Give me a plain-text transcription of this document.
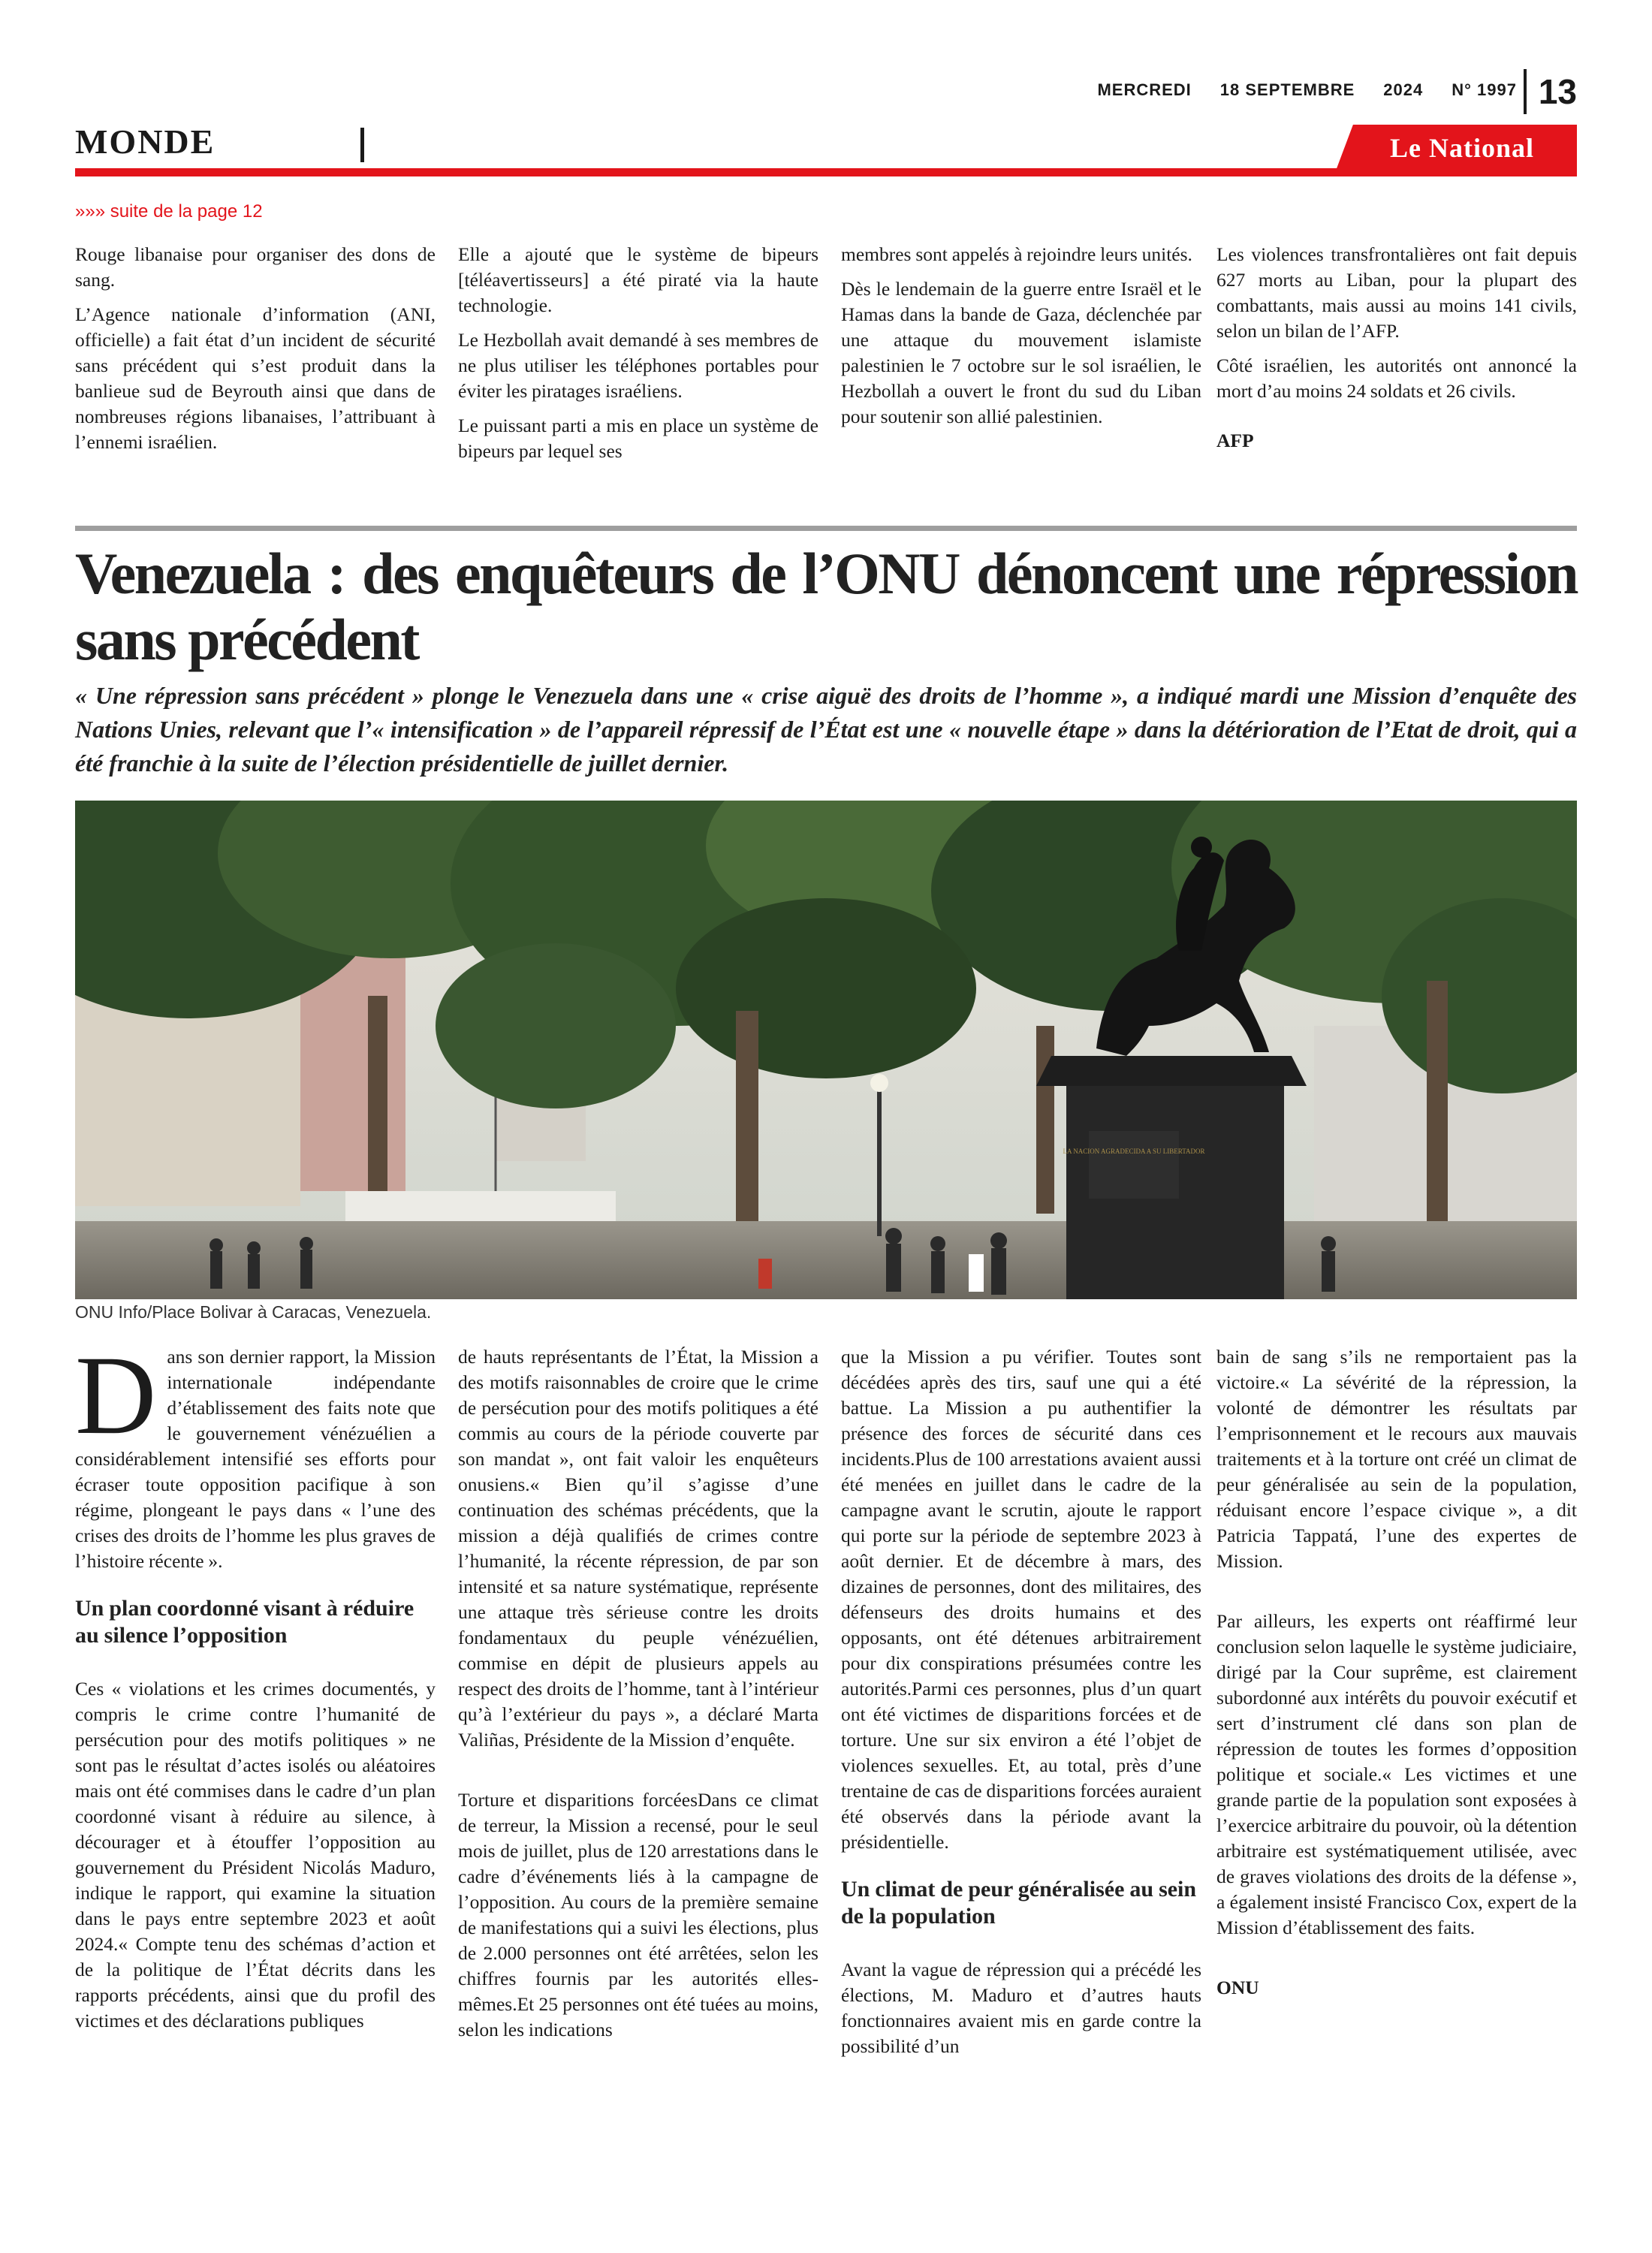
MERCREDI 18 SEPTEMBRE 2024 N° 1997 13
MONDE	Le National
»»» suite de la page 12

Rouge libanaise pour organiser des dons de sang.

L’Agence nationale d’information (ANI, officielle) a fait état d’un incident de sécurité sans précédent qui s’est produit dans la banlieue sud de Beyrouth ainsi que dans de nombreuses régions libanaises, l’attribuant à l’ennemi israélien.

Elle a ajouté que le système de bipeurs [téléavertisseurs] a été piraté via la haute technologie.

Le Hezbollah avait demandé à ses membres de ne plus utiliser les téléphones portables pour éviter les piratages israéliens.

Le puissant parti a mis en place un système de bipeurs par lequel ses

membres sont appelés à rejoindre leurs unités.

Dès le lendemain de la guerre entre Israël et le Hamas dans la bande de Gaza, déclenchée par une attaque du mouvement islamiste palestinien le 7 octobre sur le sol israélien, le Hezbollah a ouvert le front du sud du Liban pour soutenir son allié palestinien.

Les violences transfrontalières ont fait depuis 627 morts au Liban, pour la plupart des combattants, mais aussi au moins 141 civils, selon un bilan de l’AFP.

Côté israélien, les autorités ont annoncé la mort d’au moins 24 soldats et 26 civils.

AFP

Venezuela : des enquêteurs de l’ONU dénoncent une répression sans précédent
« Une répression sans précédent » plonge le Venezuela dans une « crise aiguë des droits de l’homme », a indiqué mardi une Mission d’enquête des Nations Unies, relevant que l’« intensification » de l’appareil répressif de l’État est une « nouvelle étape » dans la détérioration de l’Etat de droit, qui a été franchie à la suite de l’élection présidentielle de juillet dernier.
LA NACION AGRADECIDA A SU LIBERTADOR
ONU Info/Place Bolivar à Caracas, Venezuela.

Dans son dernier rapport, la Mission internationale indépendante d’établissement des faits note que le gouvernement vénézuélien a considérablement intensifié ses efforts pour écraser toute opposition pacifique à son régime, plongeant le pays dans « l’une des crises des droits de l’homme les plus graves de l’histoire récente ».

Un plan coordonné visant à réduire au silence l’opposition

Ces « violations et les crimes documentés, y compris le crime contre l’humanité de persécution pour des motifs politiques » ne sont pas le résultat d’actes isolés ou aléatoires mais ont été commises dans le cadre d’un plan coordonné visant à réduire au silence, à décourager et à étouffer l’opposition au gouvernement du Président Nicolás Maduro, indique le rapport, qui examine la situation dans le pays entre septembre 2023 et août 2024.« Compte tenu des schémas d’action et de la politique de l’État décrits dans les rapports précédents, ainsi que du profil des victimes et des déclarations publiques

de hauts représentants de l’État, la Mission a des motifs raisonnables de croire que le crime de persécution pour des motifs politiques a été commis au cours de la période couverte par son mandat », ont fait valoir les enquêteurs onusiens.« Bien qu’il s’agisse d’une continuation des schémas précédents, que la mission a déjà qualifiés de crimes contre l’humanité, la récente répression, de par son intensité et sa nature systématique, représente une attaque très sérieuse contre les droits fondamentaux du peuple vénézuélien, commise en dépit de plusieurs appels au respect des droits de l’homme, tant à l’intérieur qu’à l’extérieur du pays », a déclaré Marta Valiñas, Présidente de la Mission d’enquête.

Torture et disparitions forcéesDans ce climat de terreur, la Mission a recensé, pour le seul mois de juillet, plus de 120 arrestations dans le cadre d’événements liés à la campagne de l’opposition. Au cours de la première semaine de manifestations qui a suivi les élections, plus de 2.000 personnes ont été arrêtées, selon les chiffres fournis par les autorités elles-mêmes.Et 25 personnes ont été tuées au moins, selon les indications

que la Mission a pu vérifier. Toutes sont décédées après des tirs, sauf une qui a été battue. La Mission a pu authentifier la présence des forces de sécurité dans ces incidents.Plus de 100 arrestations avaient aussi été menées en juillet dans le cadre de la campagne avant le scrutin, ajoute le rapport qui porte sur la période de septembre 2023 à août dernier. Et de décembre à mars, des dizaines de personnes, dont des militaires, des défenseurs des droits humains et des opposants, ont été détenues arbitrairement pour dix conspirations présumées contre les autorités.Parmi ces personnes, plus d’un quart ont été victimes de disparitions forcées et de torture. Une sur six environ a été l’objet de violences sexuelles. Et, au total, près d’une trentaine de cas de disparitions forcées auraient été observés dans la période avant la présidentielle.

Un climat de peur généralisée au sein de la population

Avant la vague de répression qui a précédé les élections, M. Maduro et d’autres hauts fonctionnaires avaient mis en garde contre la possibilité d’un

bain de sang s’ils ne remportaient pas la victoire.« La sévérité de la répression, la volonté de démontrer les résultats par l’emprisonnement et le recours aux mauvais traitements et à la torture ont créé un climat de peur généralisée au sein de la population, réduisant encore l’espace civique », a dit Patricia Tappatá, l’une des expertes de Mission.

Par ailleurs, les experts ont réaffirmé leur conclusion selon laquelle le système judiciaire, dirigé par la Cour suprême, est clairement subordonné aux intérêts du pouvoir exécutif et sert d’instrument clé dans son plan de répression de toutes les formes d’opposition politique et sociale.« Les victimes et une grande partie de la population sont exposées à l’exercice arbitraire du pouvoir, où la détention arbitraire est systématiquement utilisée, avec de graves violations des droits de la défense », a également insisté Francisco Cox, expert de la Mission d’établissement des faits.

ONU
